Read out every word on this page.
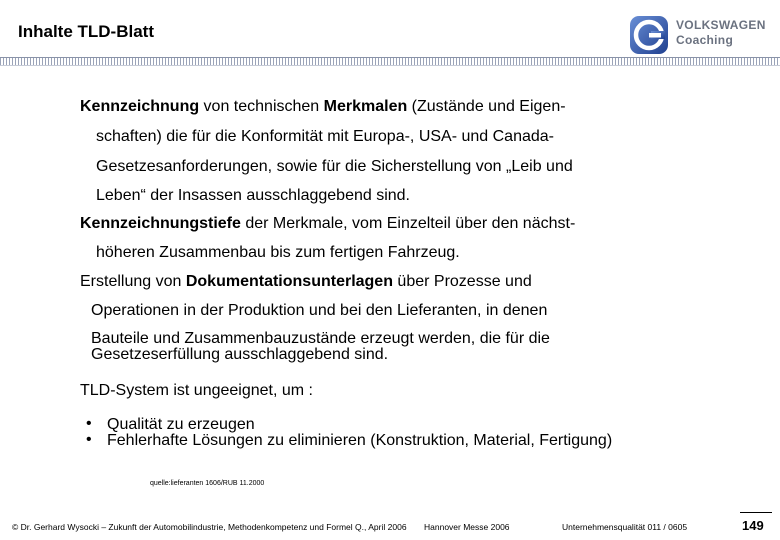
Inhalte TLD-Blatt	VOLKSWAGEN
Coaching
Kennzeichnung von technischen Merkmalen (Zustände und Eigen-
schaften) die für die Konformität mit Europa-, USA- und Canada-
Gesetzesanforderungen, sowie für die Sicherstellung von „Leib und
Leben“ der Insassen ausschlaggebend sind.
Kennzeichnungstiefe der Merkmale, vom Einzelteil über den nächst-
höheren Zusammenbau bis zum fertigen Fahrzeug.
Erstellung von Dokumentationsunterlagen über Prozesse und
Operationen in der Produktion und bei den Lieferanten, in denen
Bauteile und Zusammenbauzustände erzeugt werden, die für die
Gesetzeserfüllung ausschlaggebend sind.
TLD-System ist ungeeignet, um :
• Qualität zu erzeugen
• Fehlerhafte Lösungen zu eliminieren (Konstruktion, Material, Fertigung)
quelle:lieferanten 1606/RUB 11.2000
© Dr. Gerhard Wysocki – Zukunft der Automobilindustrie, Methodenkompetenz und Formel Q., April 2006 Hannover Messe 2006	Unternehmensqualität 011 / 0605	149
